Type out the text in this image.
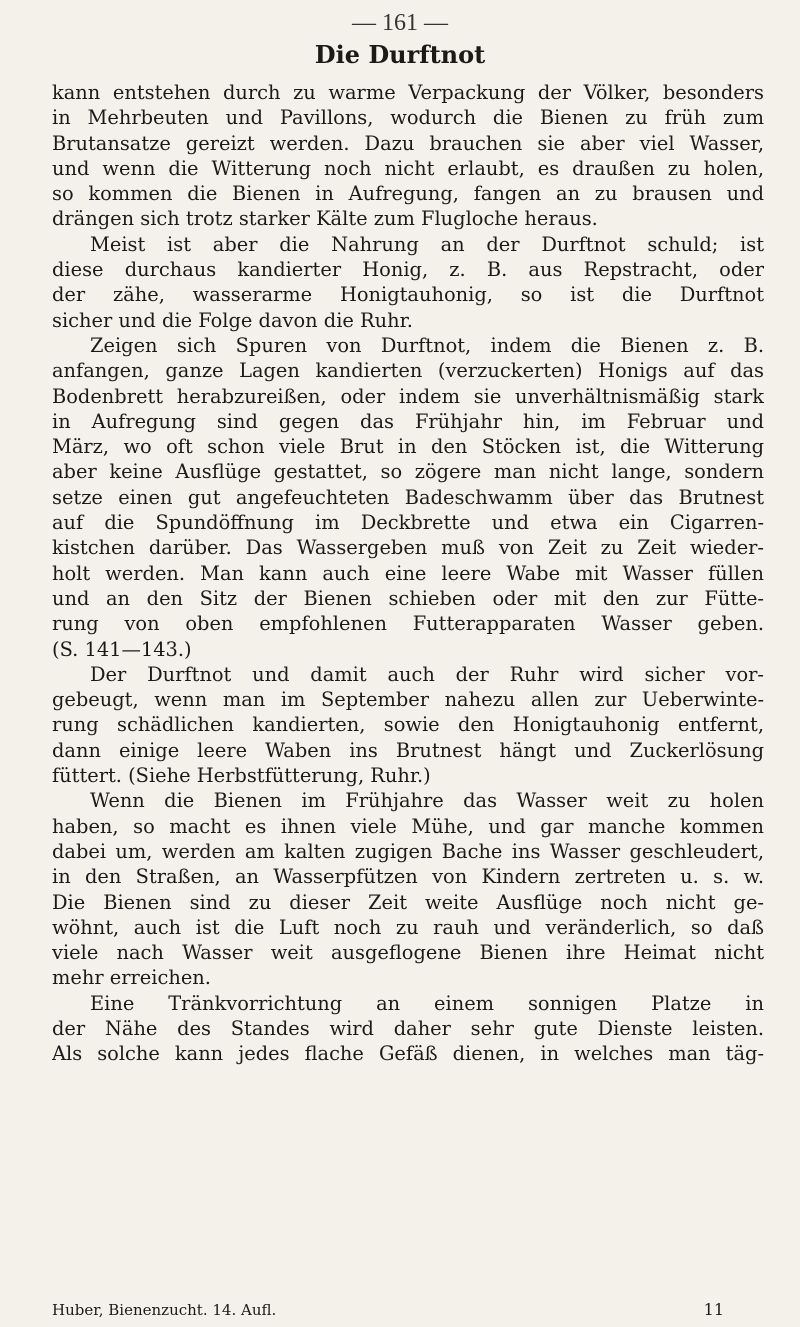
— 161 —
Die Durftnot
kann entstehen durch zu warme Verpackung der Völker, besonders
in Mehrbeuten und Pavillons, wodurch die Bienen zu früh zum
Brutansatze gereizt werden. Dazu brauchen sie aber viel Wasser,
und wenn die Witterung noch nicht erlaubt, es draußen zu holen,
so kommen die Bienen in Aufregung, fangen an zu brausen und
drängen sich trotz starker Kälte zum Flugloche heraus.
Meist ist aber die Nahrung an der Durftnot schuld; ist
diese durchaus kandierter Honig, z. B. aus Repstracht, oder
der zähe, wasserarme Honigtauhonig, so ist die Durftnot
sicher und die Folge davon die Ruhr.
Zeigen sich Spuren von Durftnot, indem die Bienen z. B.
anfangen, ganze Lagen kandierten (verzuckerten) Honigs auf das
Bodenbrett herabzureißen, oder indem sie unverhältnismäßig stark
in Aufregung sind gegen das Frühjahr hin, im Februar und
März, wo oft schon viele Brut in den Stöcken ist, die Witterung
aber keine Ausflüge gestattet, so zögere man nicht lange, sondern
setze einen gut angefeuchteten Badeschwamm über das Brutnest
auf die Spundöffnung im Deckbrette und etwa ein Cigarren-
kistchen darüber. Das Wassergeben muß von Zeit zu Zeit wieder-
holt werden. Man kann auch eine leere Wabe mit Wasser füllen
und an den Sitz der Bienen schieben oder mit den zur Fütte-
rung von oben empfohlenen Futterapparaten Wasser geben.
(S. 141—143.)
Der Durftnot und damit auch der Ruhr wird sicher vor-
gebeugt, wenn man im September nahezu allen zur Ueberwinte-
rung schädlichen kandierten, sowie den Honigtauhonig entfernt,
dann einige leere Waben ins Brutnest hängt und Zuckerlösung
füttert. (Siehe Herbstfütterung, Ruhr.)
Wenn die Bienen im Frühjahre das Wasser weit zu holen
haben, so macht es ihnen viele Mühe, und gar manche kommen
dabei um, werden am kalten zugigen Bache ins Wasser geschleudert,
in den Straßen, an Wasserpfützen von Kindern zertreten u. s. w.
Die Bienen sind zu dieser Zeit weite Ausflüge noch nicht ge-
wöhnt, auch ist die Luft noch zu rauh und veränderlich, so daß
viele nach Wasser weit ausgeflogene Bienen ihre Heimat nicht
mehr erreichen.
Eine Tränkvorrichtung an einem sonnigen Platze in
der Nähe des Standes wird daher sehr gute Dienste leisten.
Als solche kann jedes flache Gefäß dienen, in welches man täg-
Huber, Bienenzucht. 14. Aufl.	11
